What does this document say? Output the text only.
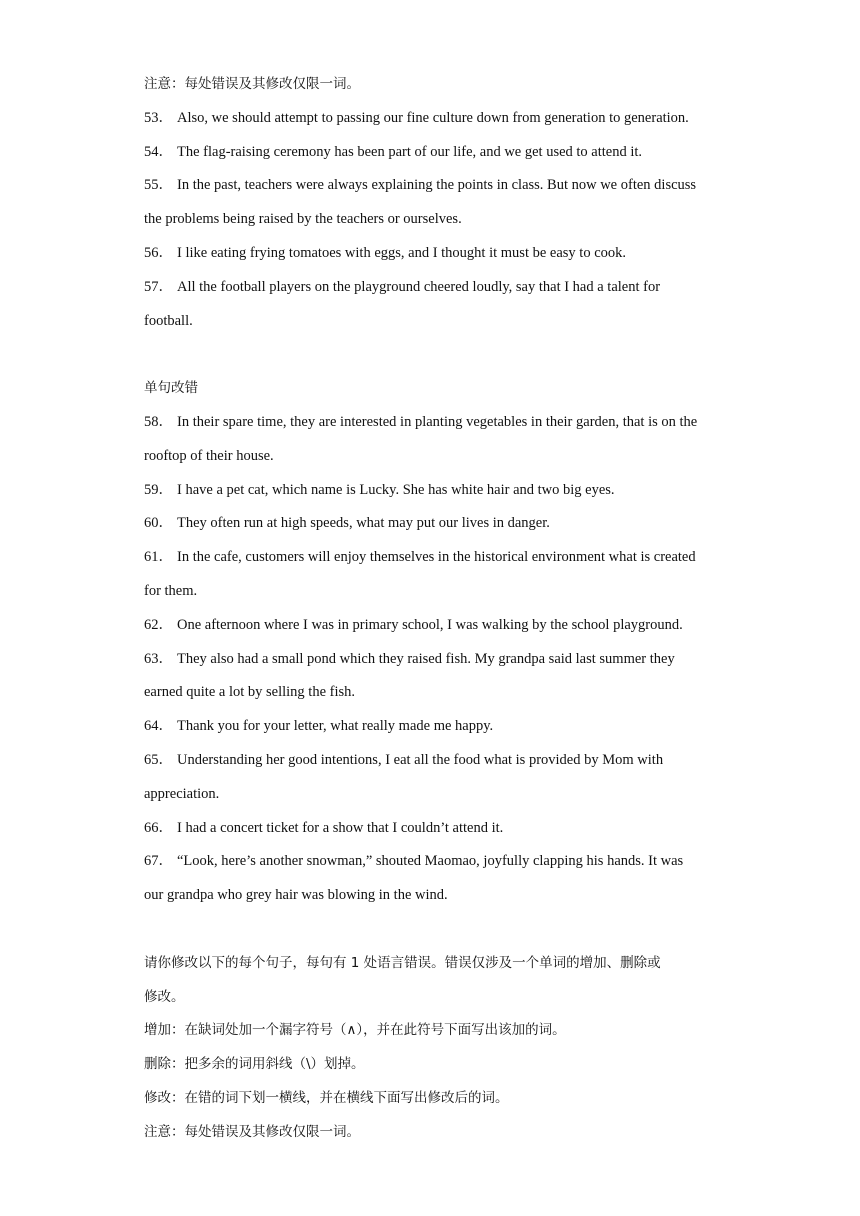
注意：每处错误及其修改仅限一词。
53． Also, we should attempt to passing our fine culture down from generation to generation.
54． The flag-raising ceremony has been part of our life, and we get used to attend it.
55． In the past, teachers were always explaining the points in class. But now we often discuss
the problems being raised by the teachers or ourselves.
56． I like eating frying tomatoes with eggs, and I thought it must be easy to cook.
57． All the football players on the playground cheered loudly, say that I had a talent for
football.
单句改错
58． In their spare time, they are interested in planting vegetables in their garden, that is on the
rooftop of their house.
59． I have a pet cat, which name is Lucky. She has white hair and two big eyes.
60． They often run at high speeds, what may put our lives in danger.
61． In the cafe, customers will enjoy themselves in the historical environment what is created
for them.
62． One afternoon where I was in primary school, I was walking by the school playground.
63． They also had a small pond which they raised fish. My grandpa said last summer they
earned quite a lot by selling the fish.
64． Thank you for your letter, what really made me happy.
65． Understanding her good intentions, I eat all the food what is provided by Mom with
appreciation.
66． I had a concert ticket for a show that I couldn’t attend it.
67． “Look, here’s another snowman,” shouted Maomao, joyfully clapping his hands. It was
our grandpa who grey hair was blowing in the wind.
请你修改以下的每个句子，每句有 1 处语言错误。错误仅涉及一个单词的增加、删除或
修改。
增加：在缺词处加一个漏字符号（∧），并在此符号下面写出该加的词。
删除：把多余的词用斜线（\）划掉。
修改：在错的词下划一横线，并在横线下面写出修改后的词。
注意：每处错误及其修改仅限一词。
